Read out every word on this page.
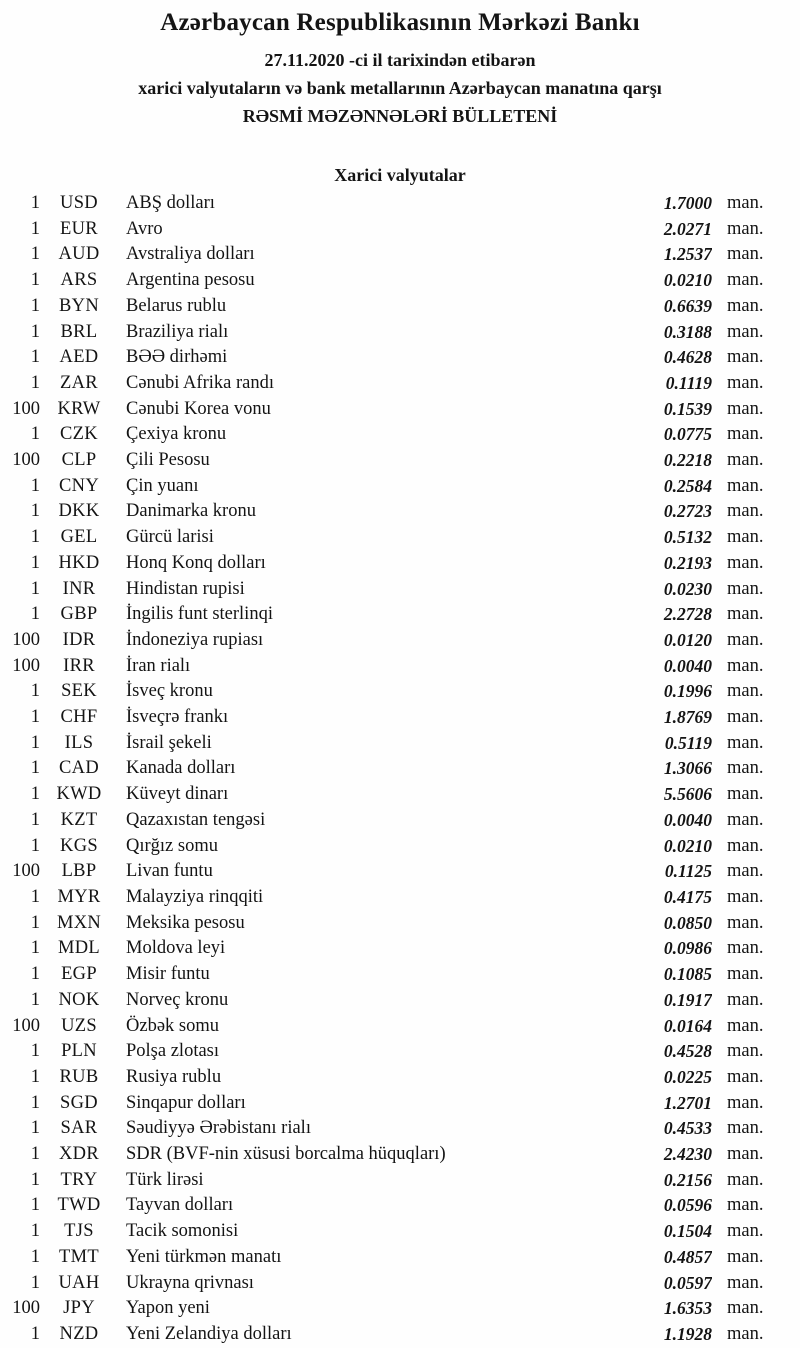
Azərbaycan Respublikasının Mərkəzi Bankı
27.11.2020 -ci il tarixindən etibarən
xarici valyutaların və bank metallarının Azərbaycan manatına qarşı
RƏSMİ MƏZƏNNƏLƏRİ BÜLLETENİ
Xarici valyutalar
1	USD	ABŞ dolları	1.7000	man.
1	EUR	Avro	2.0271	man.
1	AUD	Avstraliya dolları	1.2537	man.
1	ARS	Argentina pesosu	0.0210	man.
1	BYN	Belarus rublu	0.6639	man.
1	BRL	Braziliya rialı	0.3188	man.
1	AED	BƏƏ dirhəmi	0.4628	man.
1	ZAR	Cənubi Afrika randı	0.1119	man.
100	KRW	Cənubi Korea vonu	0.1539	man.
1	CZK	Çexiya kronu	0.0775	man.
100	CLP	Çili Pesosu	0.2218	man.
1	CNY	Çin yuanı	0.2584	man.
1	DKK	Danimarka kronu	0.2723	man.
1	GEL	Gürcü larisi	0.5132	man.
1	HKD	Honq Konq dolları	0.2193	man.
1	INR	Hindistan rupisi	0.0230	man.
1	GBP	İngilis funt sterlinqi	2.2728	man.
100	IDR	İndoneziya rupiası	0.0120	man.
100	IRR	İran rialı	0.0040	man.
1	SEK	İsveç kronu	0.1996	man.
1	CHF	İsveçrə frankı	1.8769	man.
1	ILS	İsrail şekeli	0.5119	man.
1	CAD	Kanada dolları	1.3066	man.
1	KWD	Küveyt dinarı	5.5606	man.
1	KZT	Qazaxıstan tengəsi	0.0040	man.
1	KGS	Qırğız somu	0.0210	man.
100	LBP	Livan funtu	0.1125	man.
1	MYR	Malayziya rinqqiti	0.4175	man.
1	MXN	Meksika pesosu	0.0850	man.
1	MDL	Moldova leyi	0.0986	man.
1	EGP	Misir funtu	0.1085	man.
1	NOK	Norveç kronu	0.1917	man.
100	UZS	Özbək somu	0.0164	man.
1	PLN	Polşa zlotası	0.4528	man.
1	RUB	Rusiya rublu	0.0225	man.
1	SGD	Sinqapur dolları	1.2701	man.
1	SAR	Səudiyyə Ərəbistanı rialı	0.4533	man.
1	XDR	SDR (BVF-nin xüsusi borcalma hüquqları)	2.4230	man.
1	TRY	Türk lirəsi	0.2156	man.
1	TWD	Tayvan dolları	0.0596	man.
1	TJS	Tacik somonisi	0.1504	man.
1	TMT	Yeni türkmən manatı	0.4857	man.
1	UAH	Ukrayna qrivnası	0.0597	man.
100	JPY	Yapon yeni	1.6353	man.
1	NZD	Yeni Zelandiya dolları	1.1928	man.
